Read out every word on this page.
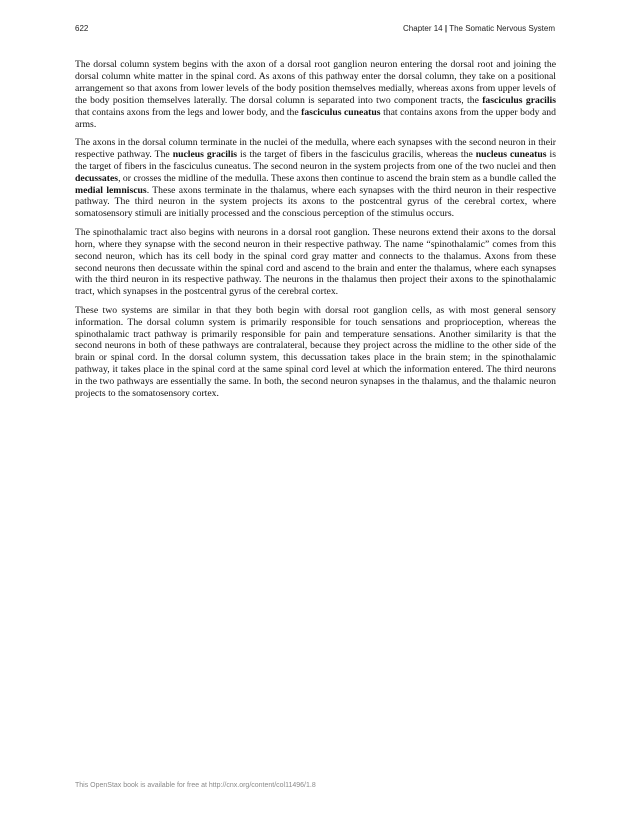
622	Chapter 14 | The Somatic Nervous System

The dorsal column system begins with the axon of a dorsal root ganglion neuron entering the dorsal root and joining the dorsal column white matter in the spinal cord. As axons of this pathway enter the dorsal column, they take on a positional arrangement so that axons from lower levels of the body position themselves medially, whereas axons from upper levels of the body position themselves laterally. The dorsal column is separated into two component tracts, the fasciculus gracilis that contains axons from the legs and lower body, and the fasciculus cuneatus that contains axons from the upper body and arms.

The axons in the dorsal column terminate in the nuclei of the medulla, where each synapses with the second neuron in their respective pathway. The nucleus gracilis is the target of fibers in the fasciculus gracilis, whereas the nucleus cuneatus is the target of fibers in the fasciculus cuneatus. The second neuron in the system projects from one of the two nuclei and then decussates, or crosses the midline of the medulla. These axons then continue to ascend the brain stem as a bundle called the medial lemniscus. These axons terminate in the thalamus, where each synapses with the third neuron in their respective pathway. The third neuron in the system projects its axons to the postcentral gyrus of the cerebral cortex, where somatosensory stimuli are initially processed and the conscious perception of the stimulus occurs.

The spinothalamic tract also begins with neurons in a dorsal root ganglion. These neurons extend their axons to the dorsal horn, where they synapse with the second neuron in their respective pathway. The name “spinothalamic” comes from this second neuron, which has its cell body in the spinal cord gray matter and connects to the thalamus. Axons from these second neurons then decussate within the spinal cord and ascend to the brain and enter the thalamus, where each synapses with the third neuron in its respective pathway. The neurons in the thalamus then project their axons to the spinothalamic tract, which synapses in the postcentral gyrus of the cerebral cortex.

These two systems are similar in that they both begin with dorsal root ganglion cells, as with most general sensory information. The dorsal column system is primarily responsible for touch sensations and proprioception, whereas the spinothalamic tract pathway is primarily responsible for pain and temperature sensations. Another similarity is that the second neurons in both of these pathways are contralateral, because they project across the midline to the other side of the brain or spinal cord. In the dorsal column system, this decussation takes place in the brain stem; in the spinothalamic pathway, it takes place in the spinal cord at the same spinal cord level at which the information entered. The third neurons in the two pathways are essentially the same. In both, the second neuron synapses in the thalamus, and the thalamic neuron projects to the somatosensory cortex.

This OpenStax book is available for free at http://cnx.org/content/col11496/1.8
